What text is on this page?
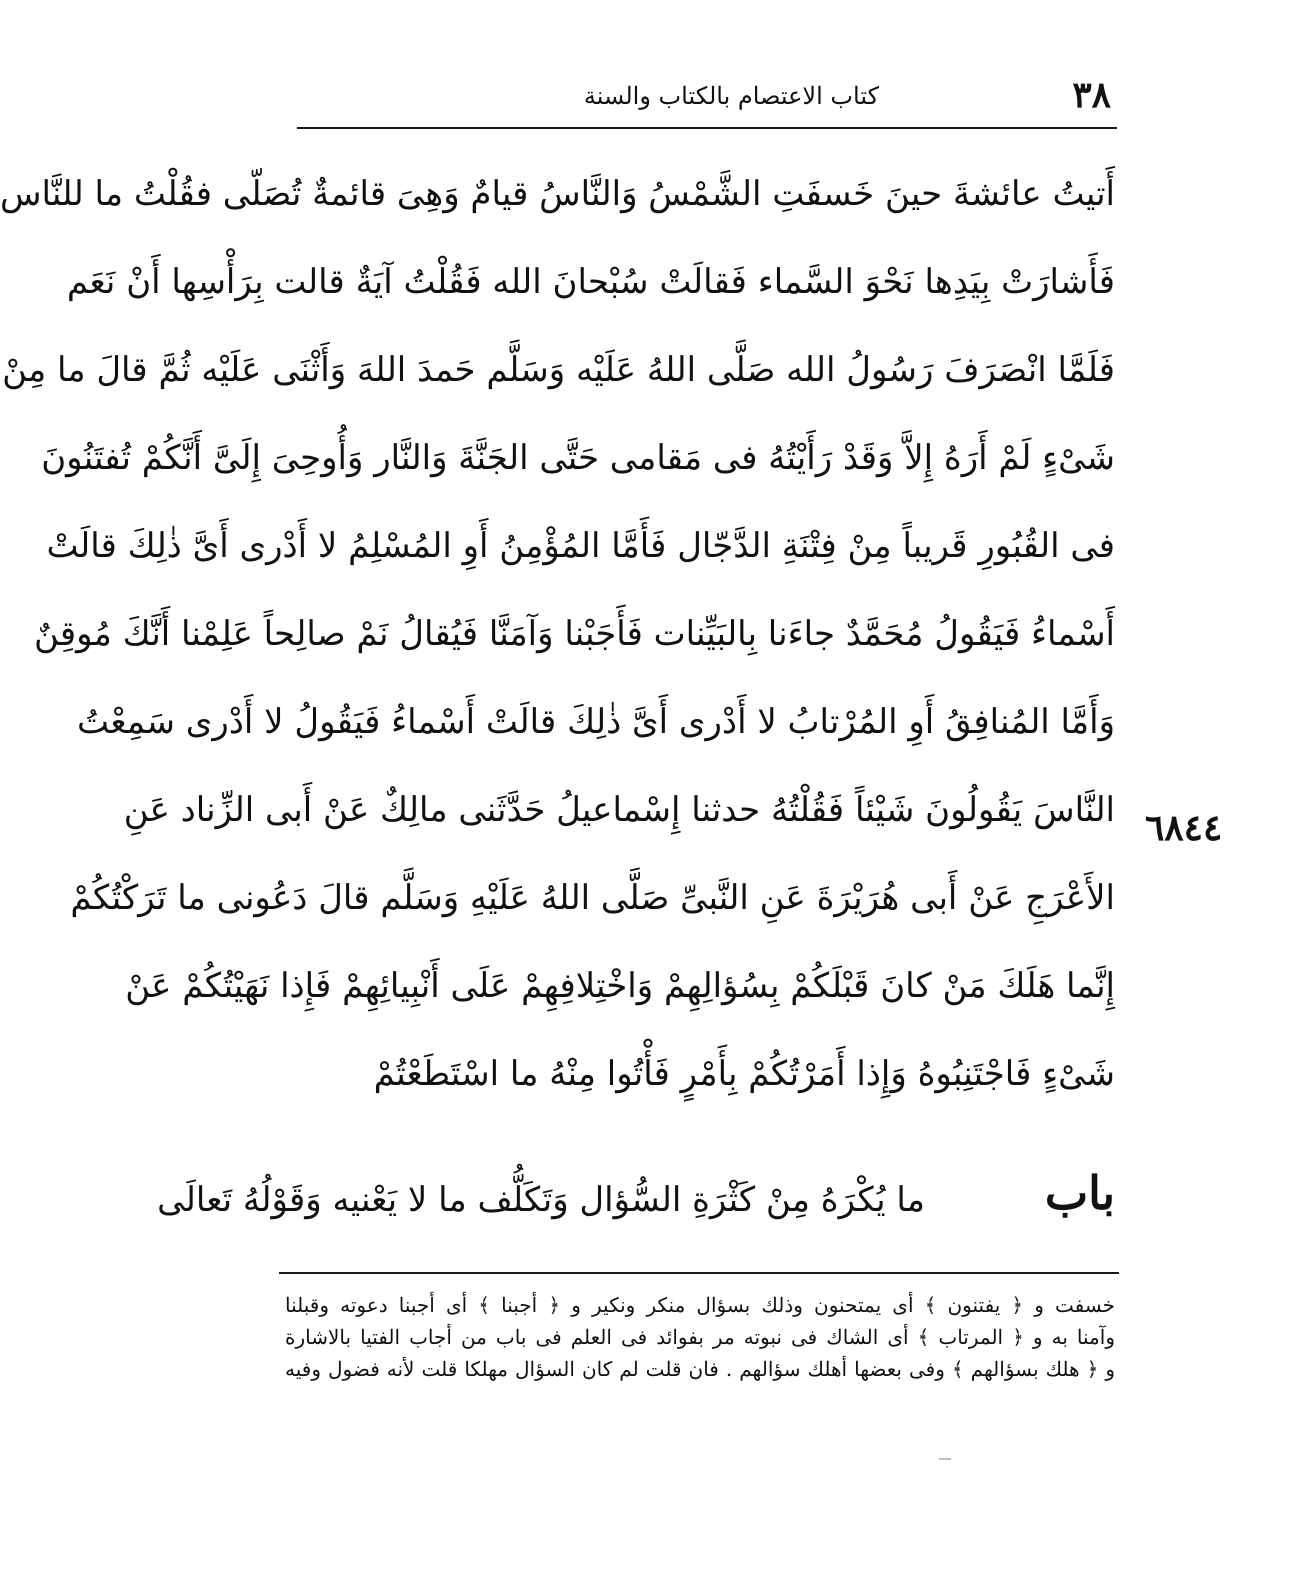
٣٨
كتاب الاعتصام بالكتاب والسنة
أَتيتُ عائشةَ حينَ خَسفَتِ الشَّمْسُ وَالنَّاسُ قيامٌ وَهِىَ قائمةٌ تُصَلّى فقُلْتُ ما للنَّاس
فَأَشارَتْ بِيَدِها نَحْوَ السَّماء فَقالَتْ سُبْحانَ الله فَقُلْتُ آيَةٌ قالت بِرَأْسِها أَنْ نَعَم
فَلَمَّا انْصَرَفَ رَسُولُ الله صَلَّى اللهُ عَلَيْه وَسَلَّم حَمدَ اللهَ وَأَثْنَى عَلَيْه ثُمَّ قالَ ما مِنْ
شَىْءٍ لَمْ أَرَهُ إِلاَّ وَقَدْ رَأَيْتُهُ فى مَقامى حَتَّى الجَنَّةَ وَالنَّار وَأُوحِىَ إِلَىَّ أَنَّكُمْ تُفتَنُونَ
فى القُبُورِ قَريباً مِنْ فِتْنَةِ الدَّجّال فَأَمَّا المُؤْمِنُ أَوِ المُسْلِمُ لا أَدْرى أَىَّ ذٰلِكَ قالَتْ
أَسْماءُ فَيَقُولُ مُحَمَّدٌ جاءَنا بِالبَيِّنات فَأَجَبْنا وَآمَنَّا فَيُقالُ نَمْ صالِحاً عَلِمْنا أَنَّكَ مُوقِنٌ
وَأَمَّا المُنافِقُ أَوِ المُرْتابُ لا أَدْرى أَىَّ ذٰلِكَ قالَتْ أَسْماءُ فَيَقُولُ لا أَدْرى سَمِعْتُ
النَّاسَ يَقُولُونَ شَيْئاً فَقُلْتُهُ حدثنا إِسْماعيلُ حَدَّثَنى مالِكٌ عَنْ أَبى الزِّناد عَنِ
الأَعْرَجِ عَنْ أَبى هُرَيْرَةَ عَنِ النَّبىِّ صَلَّى اللهُ عَلَيْهِ وَسَلَّم قالَ دَعُونى ما تَرَكْتُكُمْ
إِنَّما هَلَكَ مَنْ كانَ قَبْلَكُمْ بِسُؤالِهِمْ وَاخْتِلافِهِمْ عَلَى أَنْبِيائِهِمْ فَإِذا نَهَيْتُكُمْ عَنْ
شَىْءٍ فَاجْتَنِبُوهُ وَإِذا أَمَرْتُكُمْ بِأَمْرٍ فَأْتُوا مِنْهُ ما اسْتَطَعْتُمْ
٦٨٤٤
باب
ما يُكْرَهُ مِنْ كَثْرَةِ السُّؤال وَتَكَلُّف ما لا يَعْنيه وَقَوْلُهُ تَعالَى
خسفت و ﴿ يفتنون ﴾ أى يمتحنون وذلك بسؤال منكر ونكير و ﴿ أجبنا ﴾ أى أجبنا دعوته وقبلنا
وآمنا به و ﴿ المرتاب ﴾ أى الشاك فى نبوته مر بفوائد فى العلم فى باب من أجاب الفتيا بالاشارة
و ﴿ هلك بسؤالهم ﴾ وفى بعضها أهلك سؤالهم . فان قلت لم كان السؤال مهلكا قلت لأنه فضول وفيه
